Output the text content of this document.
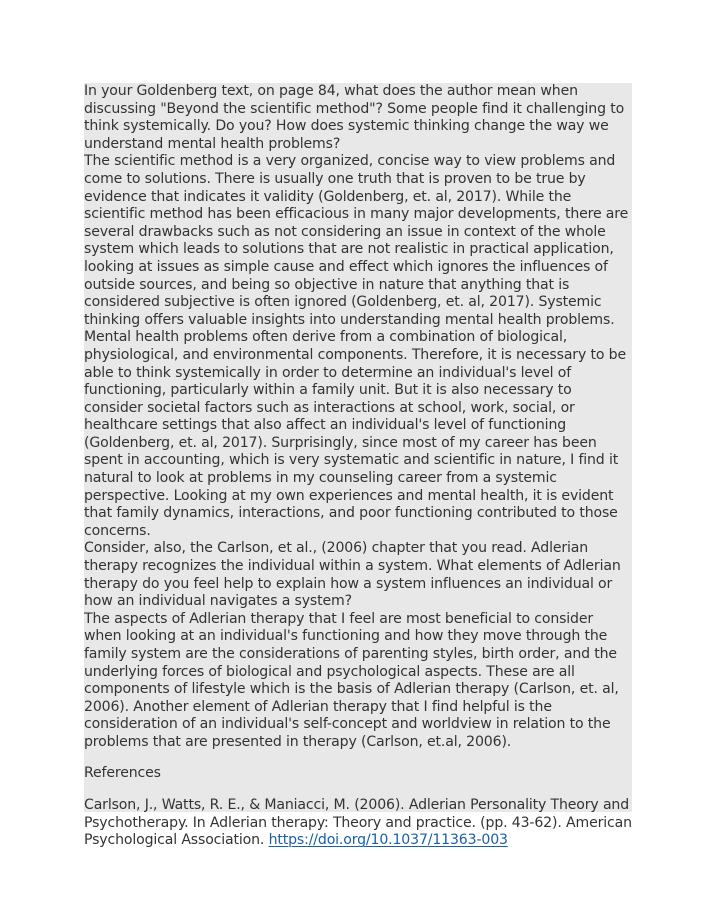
In your Goldenberg text, on page 84, what does the author mean when discussing "Beyond the scientific method"? Some people find it challenging to think systemically. Do you? How does systemic thinking change the way we understand mental health problems?

The scientific method is a very organized, concise way to view problems and come to solutions. There is usually one truth that is proven to be true by evidence that indicates it validity (Goldenberg, et. al, 2017). While the scientific method has been efficacious in many major developments, there are several drawbacks such as not considering an issue in context of the whole system which leads to solutions that are not realistic in practical application, looking at issues as simple cause and effect which ignores the influences of outside sources, and being so objective in nature that anything that is considered subjective is often ignored (Goldenberg, et. al, 2017). Systemic thinking offers valuable insights into understanding mental health problems. Mental health problems often derive from a combination of biological, physiological, and environmental components. Therefore, it is necessary to be able to think systemically in order to determine an individual's level of functioning, particularly within a family unit. But it is also necessary to consider societal factors such as interactions at school, work, social, or healthcare settings that also affect an individual's level of functioning (Goldenberg, et. al, 2017). Surprisingly, since most of my career has been spent in accounting, which is very systematic and scientific in nature, I find it natural to look at problems in my counseling career from a systemic perspective. Looking at my own experiences and mental health, it is evident that family dynamics, interactions, and poor functioning contributed to those concerns.

Consider, also, the Carlson, et al., (2006) chapter that you read. Adlerian therapy recognizes the individual within a system. What elements of Adlerian therapy do you feel help to explain how a system influences an individual or how an individual navigates a system?

The aspects of Adlerian therapy that I feel are most beneficial to consider when looking at an individual's functioning and how they move through the family system are the considerations of parenting styles, birth order, and the underlying forces of biological and psychological aspects. These are all components of lifestyle which is the basis of Adlerian therapy (Carlson, et. al, 2006). Another element of Adlerian therapy that I find helpful is the consideration of an individual's self-concept and worldview in relation to the problems that are presented in therapy (Carlson, et.al, 2006).

References

Carlson, J., Watts, R. E., & Maniacci, M. (2006). Adlerian Personality Theory and Psychotherapy. In Adlerian therapy: Theory and practice. (pp. 43-62). American Psychological Association. https://doi.org/10.1037/11363-003
